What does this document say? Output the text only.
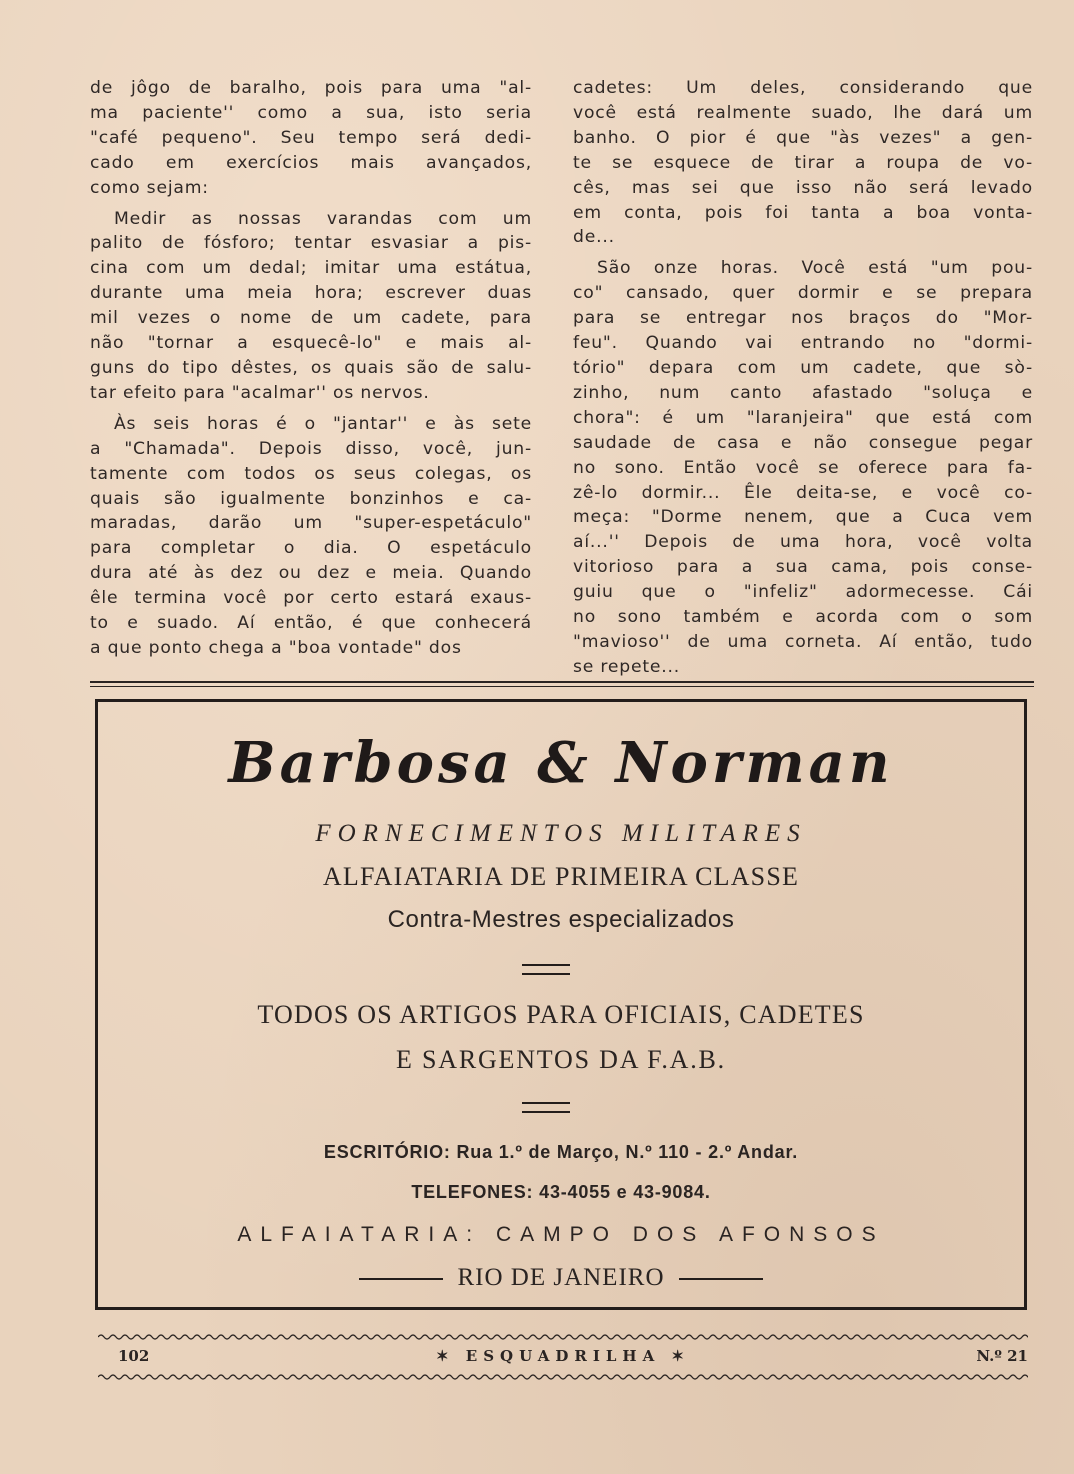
de jôgo de baralho, pois para uma "al-
ma paciente'' como a sua, isto seria
"café pequeno". Seu tempo será dedi-
cado em exercícios mais avançados,
como sejam:

Medir as nossas varandas com um
palito de fósforo; tentar esvasiar a pis-
cina com um dedal; imitar uma estátua,
durante uma meia hora; escrever duas
mil vezes o nome de um cadete, para
não "tornar a esquecê-lo" e mais al-
guns do tipo dêstes, os quais são de salu-
tar efeito para "acalmar'' os nervos.

Às seis horas é o "jantar'' e às sete
a "Chamada". Depois disso, você, jun-
tamente com todos os seus colegas, os
quais são igualmente bonzinhos e ca-
maradas, darão um "super-espetáculo"
para completar o dia. O espetáculo
dura até às dez ou dez e meia. Quando
êle termina você por certo estará exaus-
to e suado. Aí então, é que conhecerá
a que ponto chega a "boa vontade" dos

cadetes: Um deles, considerando que
você está realmente suado, lhe dará um
banho. O pior é que "às vezes" a gen-
te se esquece de tirar a roupa de vo-
cês, mas sei que isso não será levado
em conta, pois foi tanta a boa vonta-
de...

São onze horas. Você está "um pou-
co" cansado, quer dormir e se prepara
para se entregar nos braços do "Mor-
feu". Quando vai entrando no "dormi-
tório" depara com um cadete, que sò-
zinho, num canto afastado "soluça e
chora": é um "laranjeira" que está com
saudade de casa e não consegue pegar
no sono. Então você se oferece para fa-
zê-lo dormir... Êle deita-se, e você co-
meça: "Dorme nenem, que a Cuca vem
aí...'' Depois de uma hora, você volta
vitorioso para a sua cama, pois conse-
guiu que o "infeliz" adormecesse. Cái
no sono também e acorda com o som
"mavioso'' de uma corneta. Aí então, tudo
se repete...

Barbosa & Norman
FORNECIMENTOS MILITARES
ALFAIATARIA DE PRIMEIRA CLASSE
Contra-Mestres especializados
TODOS OS ARTIGOS PARA OFICIAIS, CADETES
E SARGENTOS DA F.A.B.
ESCRITÓRIO: Rua 1.º de Março, N.º 110 - 2.º Andar.
TELEFONES: 43-4055 e 43-9084.
ALFAIATARIA: CAMPO DOS AFONSOS
RIO DE JANEIRO
102	✶ ESQUADRILHA ✶	N.º 21
